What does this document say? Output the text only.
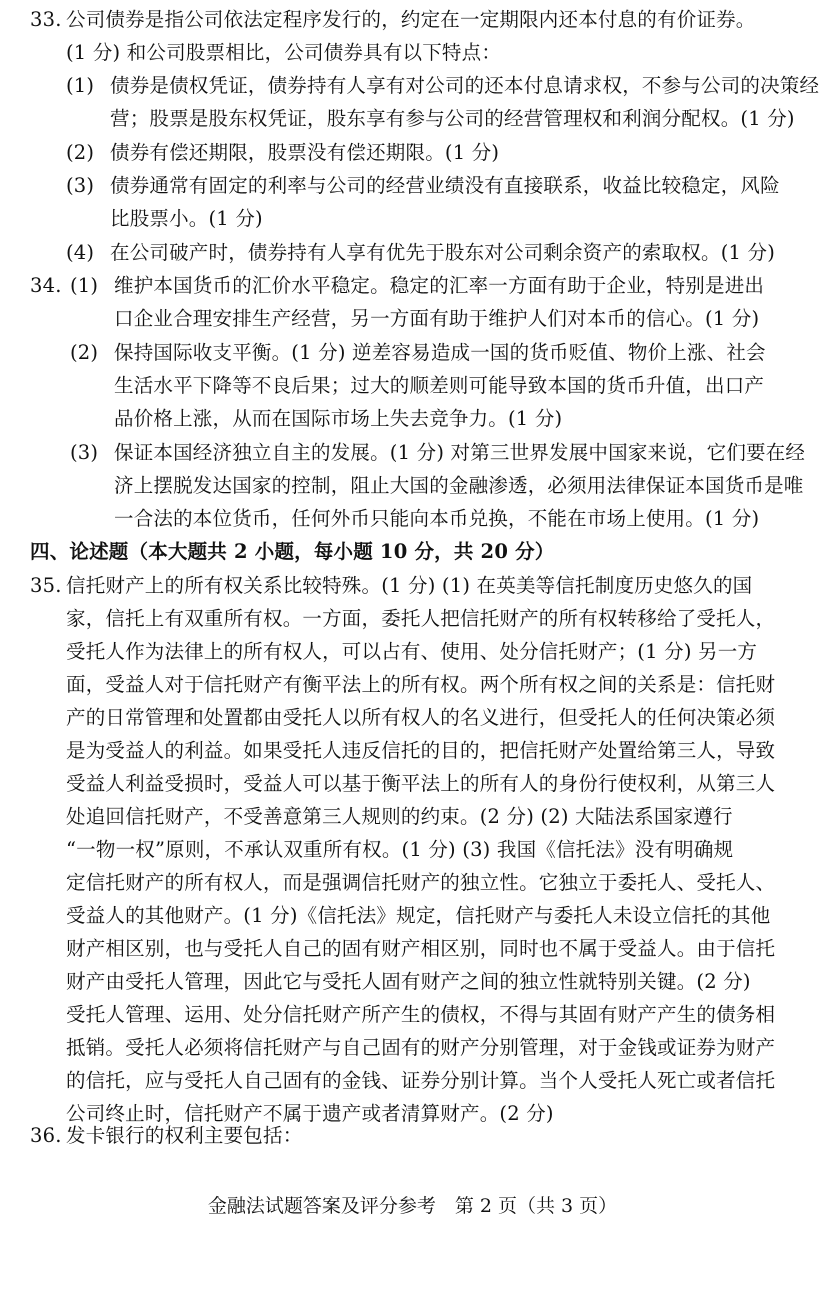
33. 公司债券是指公司依法定程序发行的，约定在一定期限内还本付息的有价证券。
(1 分) 和公司股票相比，公司债券具有以下特点：
(1) 债券是债权凭证，债券持有人享有对公司的还本付息请求权，不参与公司的决策经
营；股票是股东权凭证，股东享有参与公司的经营管理权和利润分配权。(1 分)
(2) 债券有偿还期限，股票没有偿还期限。(1 分)
(3) 债券通常有固定的利率与公司的经营业绩没有直接联系，收益比较稳定，风险
比股票小。(1 分)
(4) 在公司破产时，债券持有人享有优先于股东对公司剩余资产的索取权。(1 分)
34. (1) 维护本国货币的汇价水平稳定。稳定的汇率一方面有助于企业，特别是进出
口企业合理安排生产经营，另一方面有助于维护人们对本币的信心。(1 分)
(2) 保持国际收支平衡。(1 分) 逆差容易造成一国的货币贬值、物价上涨、社会
生活水平下降等不良后果；过大的顺差则可能导致本国的货币升值，出口产
品价格上涨，从而在国际市场上失去竞争力。(1 分)
(3) 保证本国经济独立自主的发展。(1 分) 对第三世界发展中国家来说，它们要在经
济上摆脱发达国家的控制，阻止大国的金融渗透，必须用法律保证本国货币是唯
一合法的本位货币，任何外币只能向本币兑换，不能在市场上使用。(1 分)
四、论述题（本大题共 2 小题，每小题 10 分，共 20 分）
35. 信托财产上的所有权关系比较特殊。(1 分) (1) 在英美等信托制度历史悠久的国
家，信托上有双重所有权。一方面，委托人把信托财产的所有权转移给了受托人，
受托人作为法律上的所有权人，可以占有、使用、处分信托财产；(1 分) 另一方
面，受益人对于信托财产有衡平法上的所有权。两个所有权之间的关系是：信托财
产的日常管理和处置都由受托人以所有权人的名义进行，但受托人的任何决策必须
是为受益人的利益。如果受托人违反信托的目的，把信托财产处置给第三人，导致
受益人利益受损时，受益人可以基于衡平法上的所有人的身份行使权利，从第三人
处追回信托财产，不受善意第三人规则的约束。(2 分) (2) 大陆法系国家遵行
“一物一权”原则，不承认双重所有权。(1 分) (3) 我国《信托法》没有明确规
定信托财产的所有权人，而是强调信托财产的独立性。它独立于委托人、受托人、
受益人的其他财产。(1 分)《信托法》规定，信托财产与委托人未设立信托的其他
财产相区别，也与受托人自己的固有财产相区别，同时也不属于受益人。由于信托
财产由受托人管理，因此它与受托人固有财产之间的独立性就特别关键。(2 分)
受托人管理、运用、处分信托财产所产生的债权，不得与其固有财产产生的债务相
抵销。受托人必须将信托财产与自己固有的财产分别管理，对于金钱或证券为财产
的信托，应与受托人自己固有的金钱、证券分别计算。当个人受托人死亡或者信托
公司终止时，信托财产不属于遗产或者清算财产。(2 分)
36. 发卡银行的权利主要包括：
金融法试题答案及评分参考　第 2 页（共 3 页）
